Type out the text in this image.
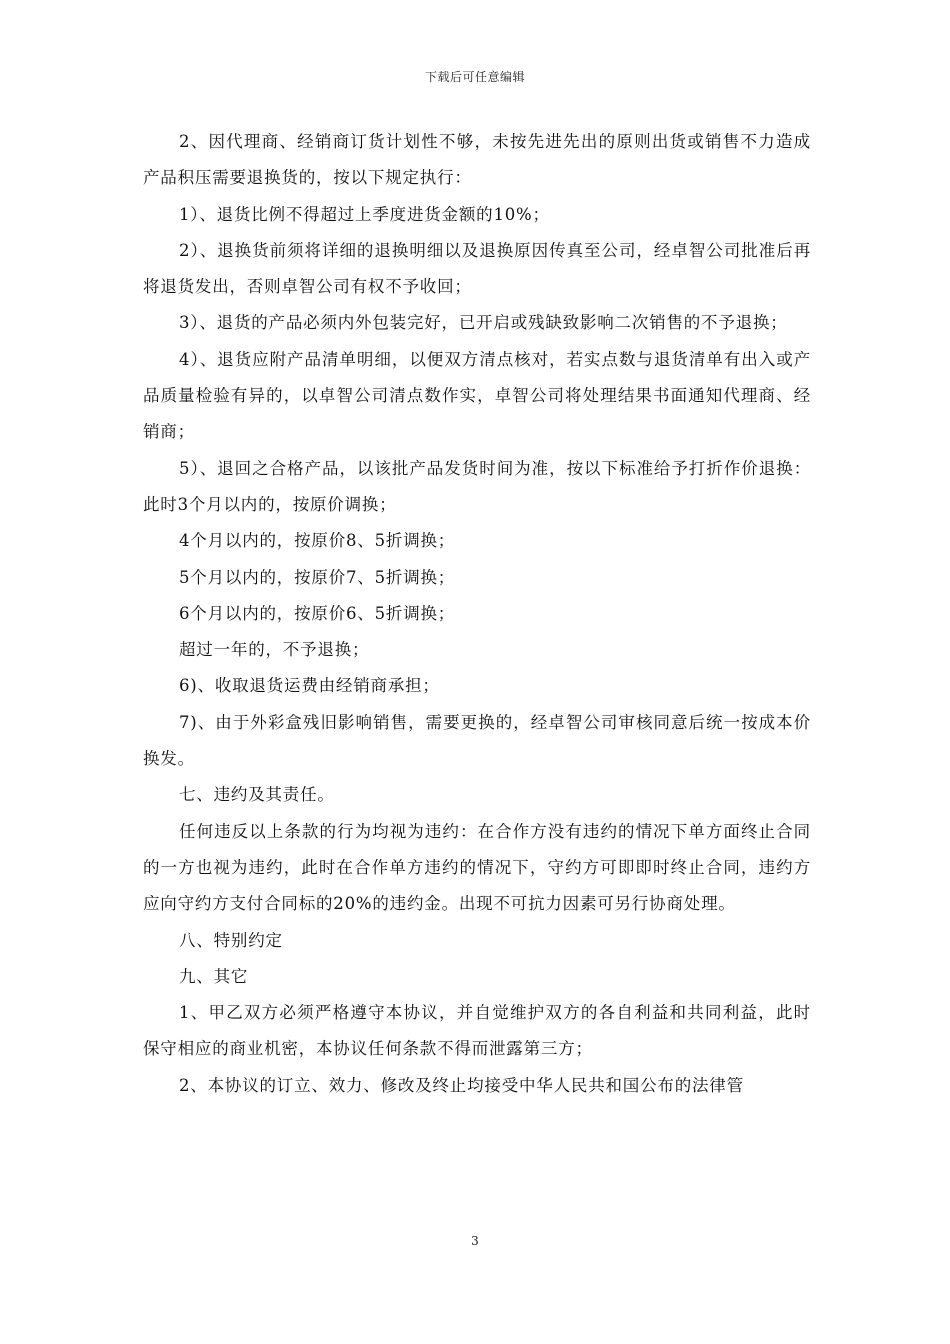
下载后可任意编辑

2、因代理商、经销商订货计划性不够，未按先进先出的原则出货或销售不力造成产品积压需要退换货的，按以下规定执行：

1）、退货比例不得超过上季度进货金额的10%；

2）、退换货前须将详细的退换明细以及退换原因传真至公司，经卓智公司批准后再将退货发出，否则卓智公司有权不予收回；

3）、退货的产品必须内外包装完好，已开启或残缺致影响二次销售的不予退换；

4）、退货应附产品清单明细，以便双方清点核对，若实点数与退货清单有出入或产品质量检验有异的，以卓智公司清点数作实，卓智公司将处理结果书面通知代理商、经销商；

5）、退回之合格产品，以该批产品发货时间为准，按以下标准给予打折作价退换：此时3个月以内的，按原价调换；

4个月以内的，按原价8、5折调换；

5个月以内的，按原价7、5折调换；

6个月以内的，按原价6、5折调换；

超过一年的，不予退换；

6)、收取退货运费由经销商承担；

7)、由于外彩盒残旧影响销售，需要更换的，经卓智公司审核同意后统一按成本价换发。

七、违约及其责任。

任何违反以上条款的行为均视为违约：在合作方没有违约的情况下单方面终止合同的一方也视为违约，此时在合作单方违约的情况下，守约方可即即时终止合同，违约方应向守约方支付合同标的20%的违约金。出现不可抗力因素可另行协商处理。

八、特别约定

九、其它

1、甲乙双方必须严格遵守本协议，并自觉维护双方的各自利益和共同利益，此时保守相应的商业机密，本协议任何条款不得而泄露第三方；

2、本协议的订立、效力、修改及终止均接受中华人民共和国公布的法律管

3
